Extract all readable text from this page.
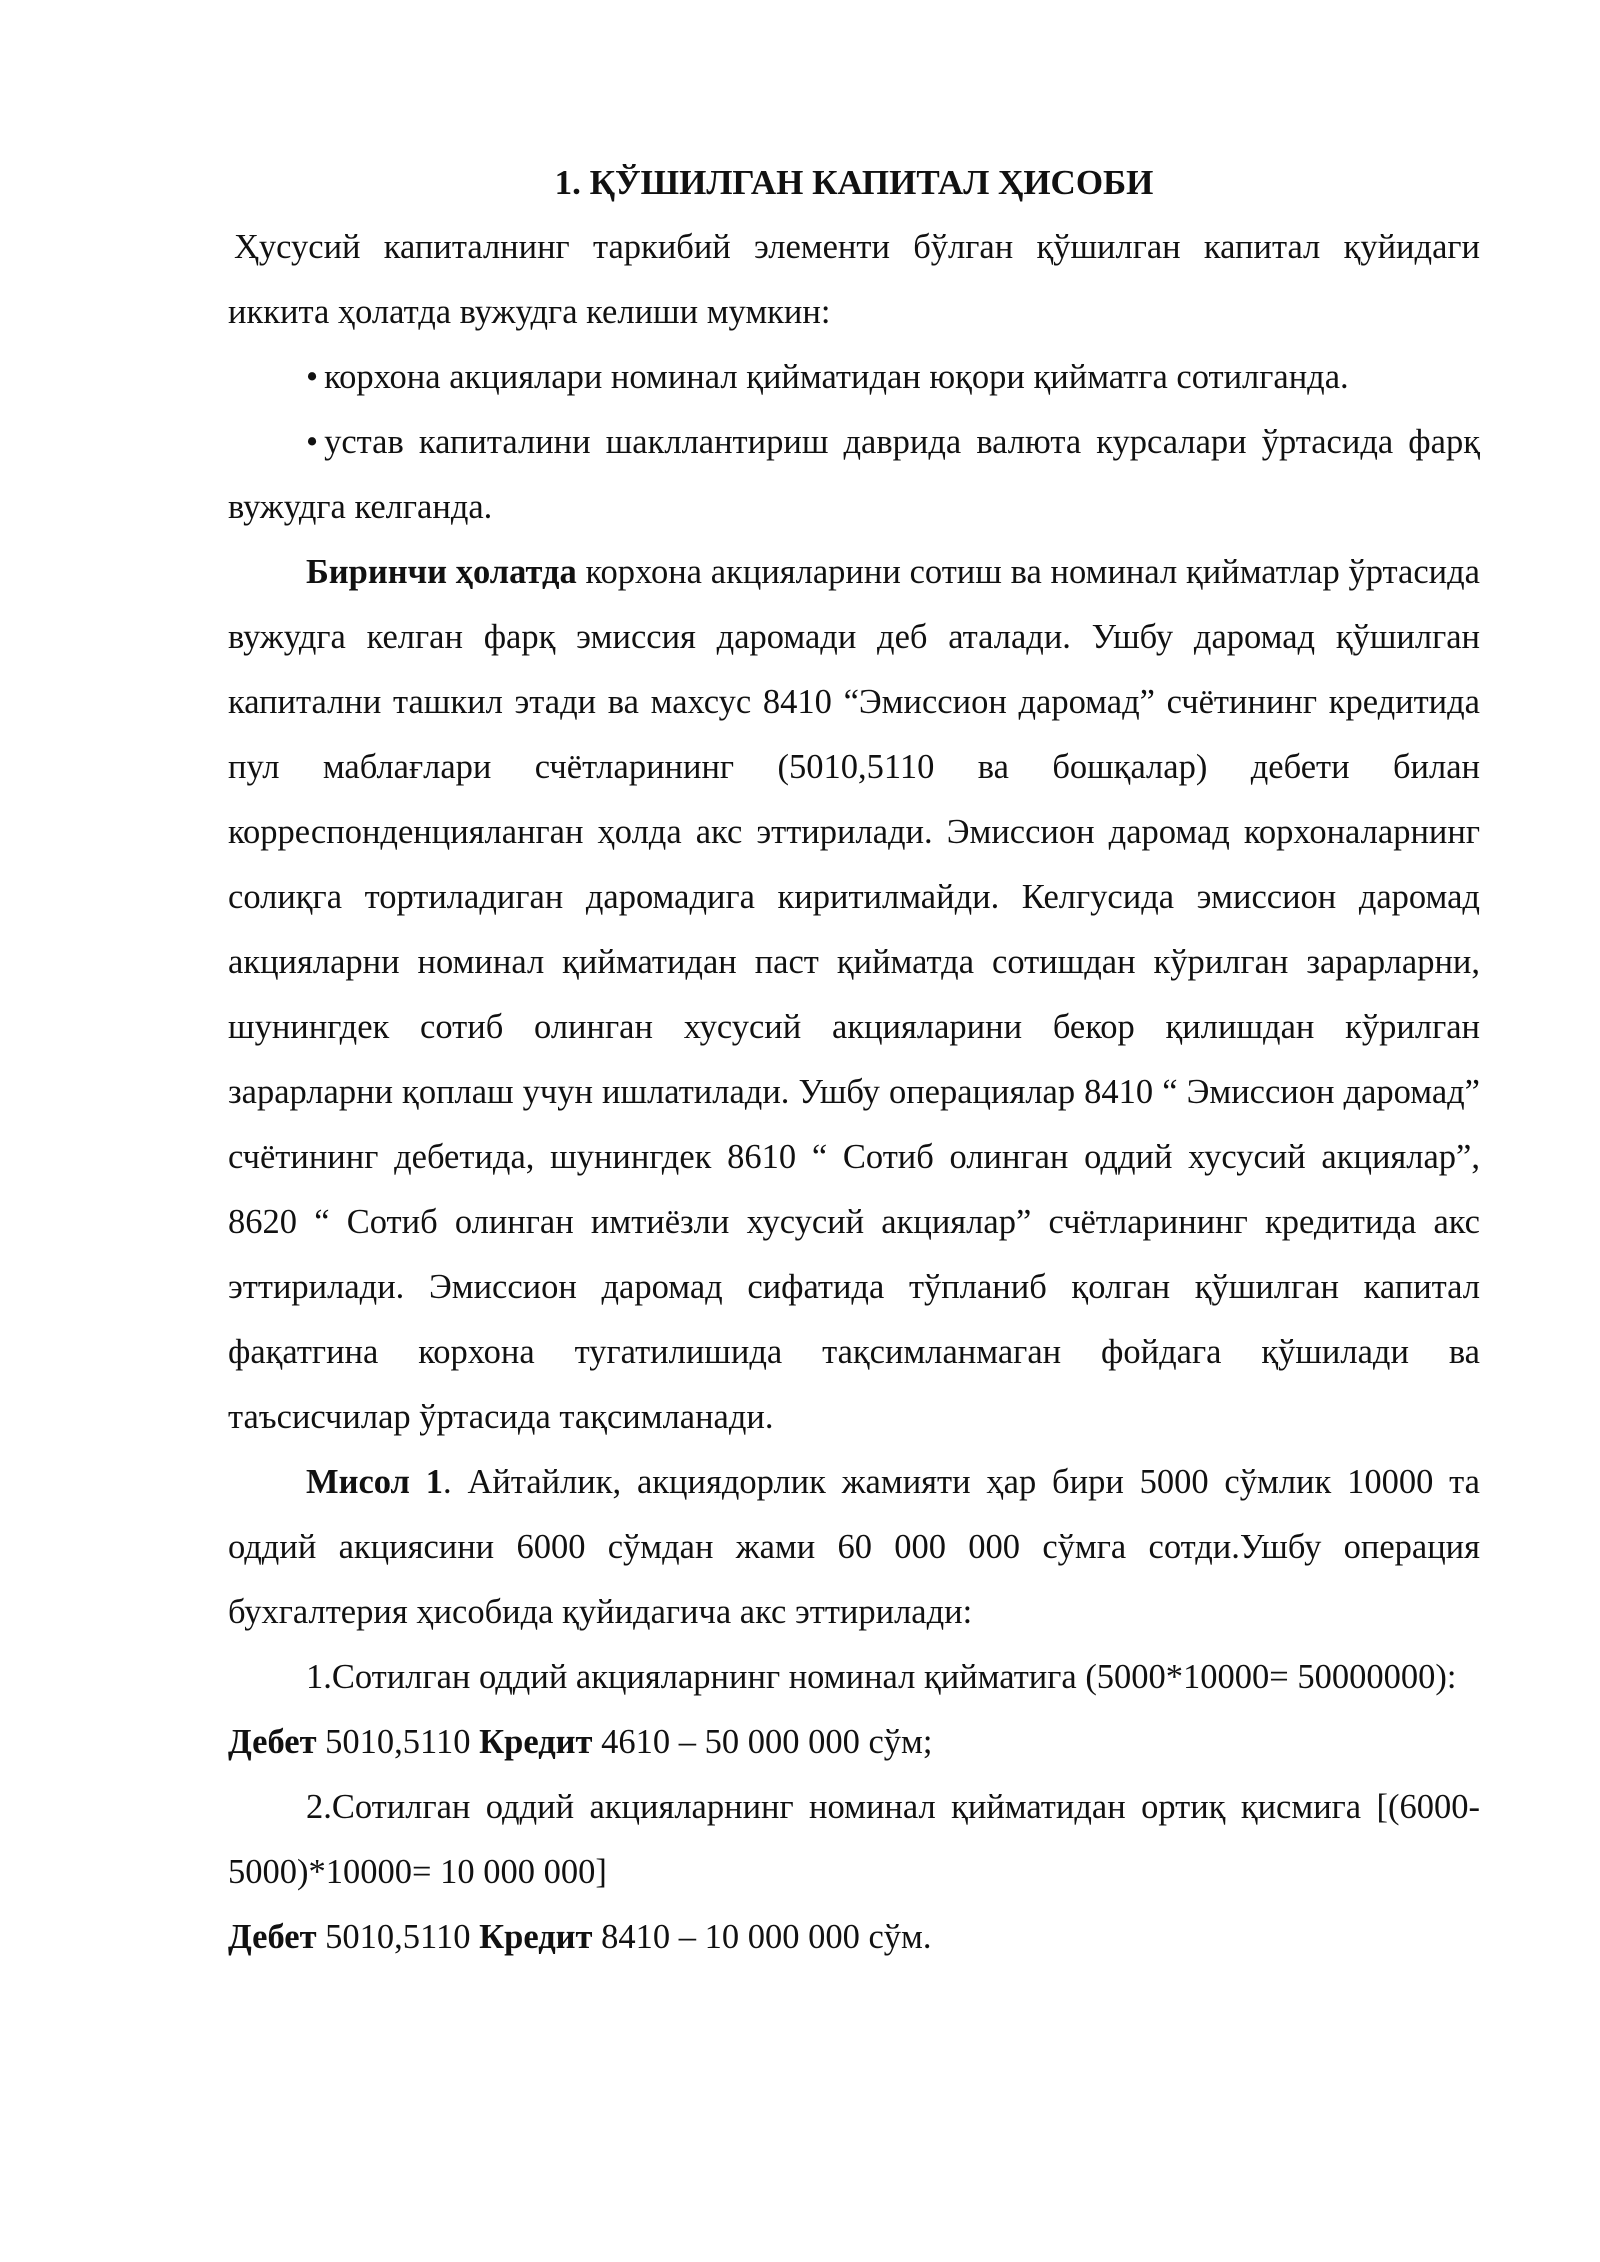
1. ҚЎШИЛГАН КАПИТАЛ ҲИСОБИ

Ҳусусий капиталнинг таркибий элементи бўлган қўшилган капитал қуйидаги иккита ҳолатда вужудга келиши мумкин:

• корхона акциялари номинал қийматидан юқори қийматга сотилганда.

• устав капиталини шакллантириш даврида валюта курсалари ўртасида фарқ вужудга келганда.

Биринчи ҳолатда корхона акцияларини сотиш ва номинал қийматлар ўртасида вужудга келган фарқ эмиссия даромади деб аталади. Ушбу даромад қўшилган капитални ташкил этади ва махсус 8410 “Эмиссион даромад” счётининг кредитида пул маблағлари счётларининг (5010,5110 ва бошқалар) дебети билан корреспонденцияланган ҳолда акс эттирилади. Эмиссион даромад корхоналарнинг солиқга тортиладиган даромадига киритилмайди. Келгусида эмиссион даромад акцияларни номинал қийматидан паст қийматда сотишдан кўрилган зарарларни, шунингдек сотиб олинган хусусий акцияларини бекор қилишдан кўрилган зарарларни қоплаш учун ишлатилади. Ушбу операциялар 8410 “ Эмиссион даромад” счётининг дебетида, шунингдек 8610 “ Сотиб олинган оддий хусусий акциялар”, 8620 “ Сотиб олинган имтиёзли хусусий акциялар” счётларининг кредитида акс эттирилади. Эмиссион даромад сифатида тўпланиб қолган қўшилган капитал фақатгина корхона тугатилишида тақсимланмаган фойдага қўшилади ва таъсисчилар ўртасида тақсимланади.

Мисол 1. Айтайлик, акциядорлик жамияти ҳар бири 5000 сўмлик 10000 та оддий акциясини 6000 сўмдан жами 60 000 000 сўмга сотди.Ушбу операция бухгалтерия ҳисобида қуйидагича акс эттирилади:

1.Сотилган оддий акцияларнинг номинал қийматига (5000*10000= 50000000):

Дебет 5010,5110 Кредит 4610 – 50 000 000 сўм;

2.Сотилган оддий акцияларнинг номинал қийматидан ортиқ қисмига [(6000-5000)*10000= 10 000 000]

Дебет 5010,5110 Кредит 8410 – 10 000 000 сўм.
